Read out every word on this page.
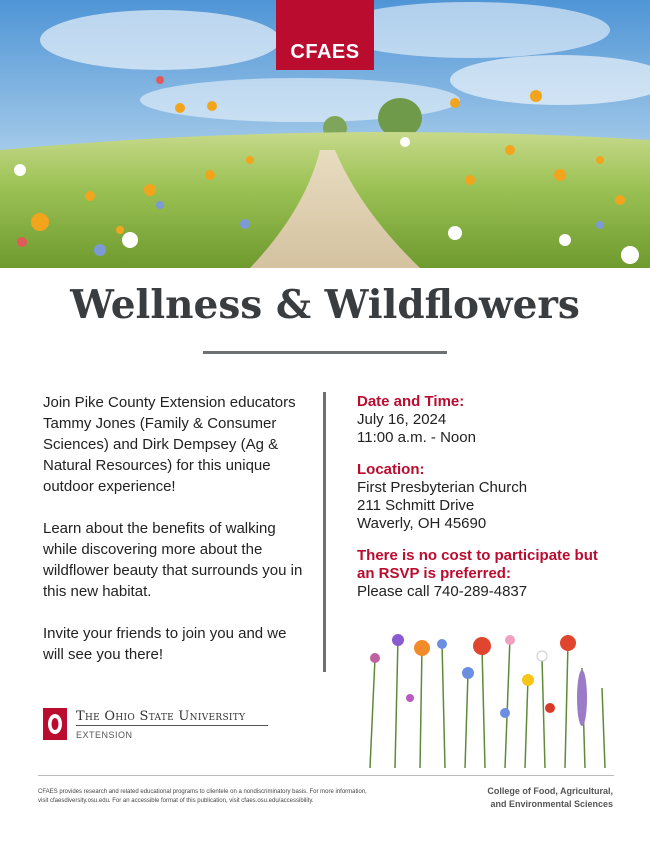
CFAES
Wellness & Wildflowers

Join Pike County Extension educators Tammy Jones (Family & Consumer Sciences) and Dirk Dempsey (Ag & Natural Resources) for this unique outdoor experience!

Learn about the benefits of walking while discovering more about the wildflower beauty that surrounds you in this new habitat.

Invite your friends to join you and we will see you there!

Date and Time:
July 16, 2024
11:00 a.m. - Noon
Location:
First Presbyterian Church
211 Schmitt Drive
Waverly, OH 45690
There is no cost to participate but an RSVP is preferred:
Please call 740-289-4837
The Ohio State University
EXTENSION
CFAES provides research and related educational programs to clientele on a nondiscriminatory basis. For more information, visit cfaesdiversity.osu.edu. For an accessible format of this publication, visit cfaes.osu.edu/accessibility.
College of Food, Agricultural,
and Environmental Sciences
